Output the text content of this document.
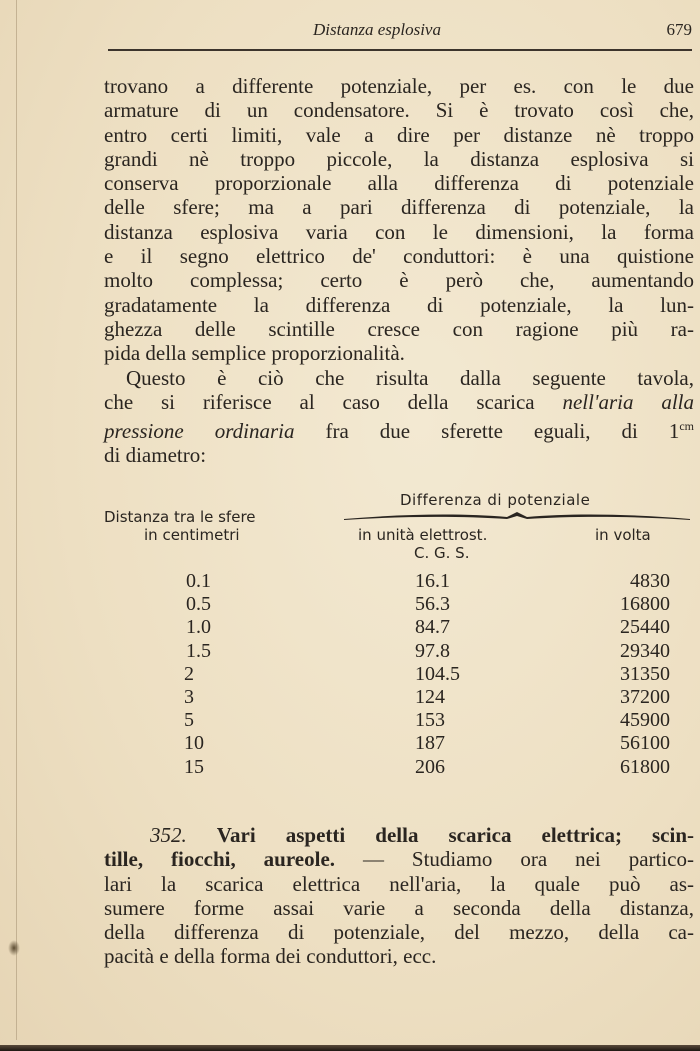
Distanza esplosiva	679
trovano a differente potenziale, per es. con le due
armature di un condensatore. Si è trovato così che,
entro certi limiti, vale a dire per distanze nè troppo
grandi nè troppo piccole, la distanza esplosiva si
conserva proporzionale alla differenza di potenziale
delle sfere; ma a pari differenza di potenziale, la
distanza esplosiva varia con le dimensioni, la forma
e il segno elettrico de' conduttori: è una quistione
molto complessa; certo è però che, aumentando
gradatamente la differenza di potenziale, la lun-
ghezza delle scintille cresce con ragione più ra-
pida della semplice proporzionalità.
Questo è ciò che risulta dalla seguente tavola,
che si riferisce al caso della scarica nell'aria alla
pressione ordinaria fra due sferette eguali, di $1^{cm}$
di diametro:
Distanza tra le sfere
in centimetri
Differenza di potenziale
in unità elettrost.
C. G. S.
in volta
0.1	16.1	4830
0.5	56.3	16800
1.0	84.7	25440
1.5	97.8	29340
2	104.5	31350
3	124	37200
5	153	45900
10	187	56100
15	206	61800
352. Vari aspetti della scarica elettrica; scin-
tille, fiocchi, aureole. — Studiamo ora nei partico-
lari la scarica elettrica nell'aria, la quale può as-
sumere forme assai varie a seconda della distanza,
della differenza di potenziale, del mezzo, della ca-
pacità e della forma dei conduttori, ecc.
